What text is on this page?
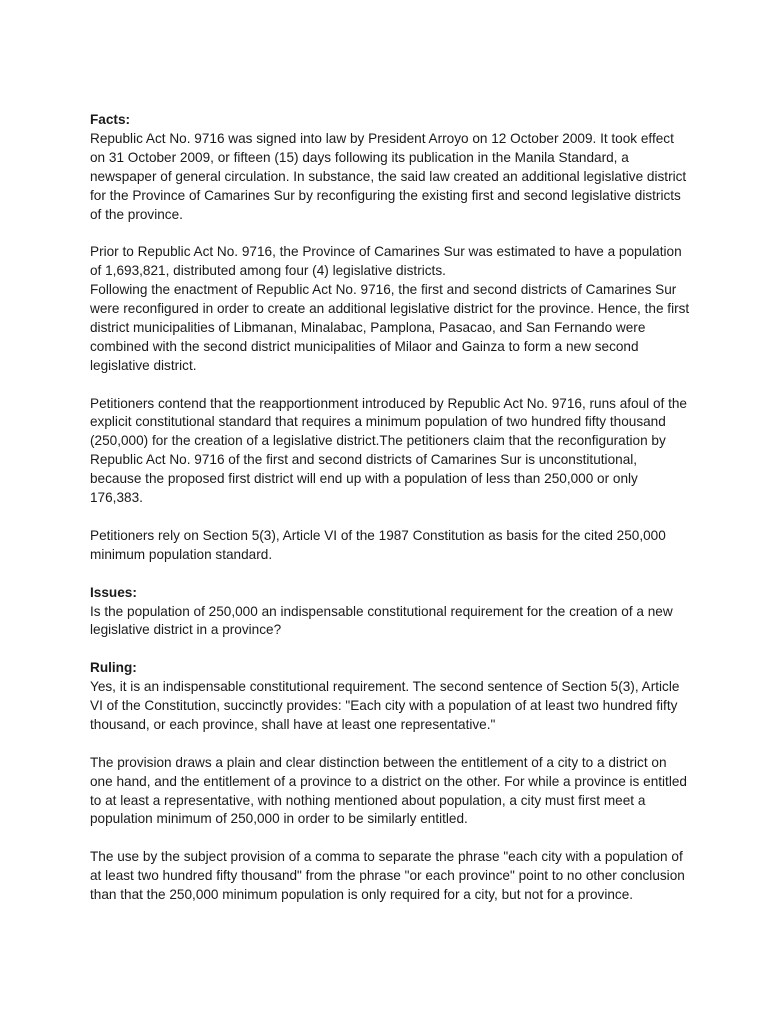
Facts:

Republic Act No. 9716 was signed into law by President Arroyo on 12 October 2009. It took effect on 31 October 2009, or fifteen (15) days following its publication in the Manila Standard, a newspaper of general circulation. In substance, the said law created an additional legislative district for the Province of Camarines Sur by reconfiguring the existing first and second legislative districts of the province.

Prior to Republic Act No. 9716, the Province of Camarines Sur was estimated to have a population of 1,693,821, distributed among four (4) legislative districts.

Following the enactment of Republic Act No. 9716, the first and second districts of Camarines Sur were reconfigured in order to create an additional legislative district for the province. Hence, the first district municipalities of Libmanan, Minalabac, Pamplona, Pasacao, and San Fernando were combined with the second district municipalities of Milaor and Gainza to form a new second legislative district.

Petitioners contend that the reapportionment introduced by Republic Act No. 9716, runs afoul of the explicit constitutional standard that requires a minimum population of two hundred fifty thousand (250,000) for the creation of a legislative district.The petitioners claim that the reconfiguration by Republic Act No. 9716 of the first and second districts of Camarines Sur is unconstitutional, because the proposed first district will end up with a population of less than 250,000 or only 176,383.

Petitioners rely on Section 5(3), Article VI of the 1987 Constitution as basis for the cited 250,000 minimum population standard.

Issues:

Is the population of 250,000 an indispensable constitutional requirement for the creation of a new legislative district in a province?

Ruling:

Yes, it is an indispensable constitutional requirement. The second sentence of Section 5(3), Article VI of the Constitution, succinctly provides: "Each city with a population of at least two hundred fifty thousand, or each province, shall have at least one representative."

The provision draws a plain and clear distinction between the entitlement of a city to a district on one hand, and the entitlement of a province to a district on the other. For while a province is entitled to at least a representative, with nothing mentioned about population, a city must first meet a population minimum of 250,000 in order to be similarly entitled.

The use by the subject provision of a comma to separate the phrase "each city with a population of at least two hundred fifty thousand" from the phrase "or each province" point to no other conclusion than that the 250,000 minimum population is only required for a city, but not for a province.
